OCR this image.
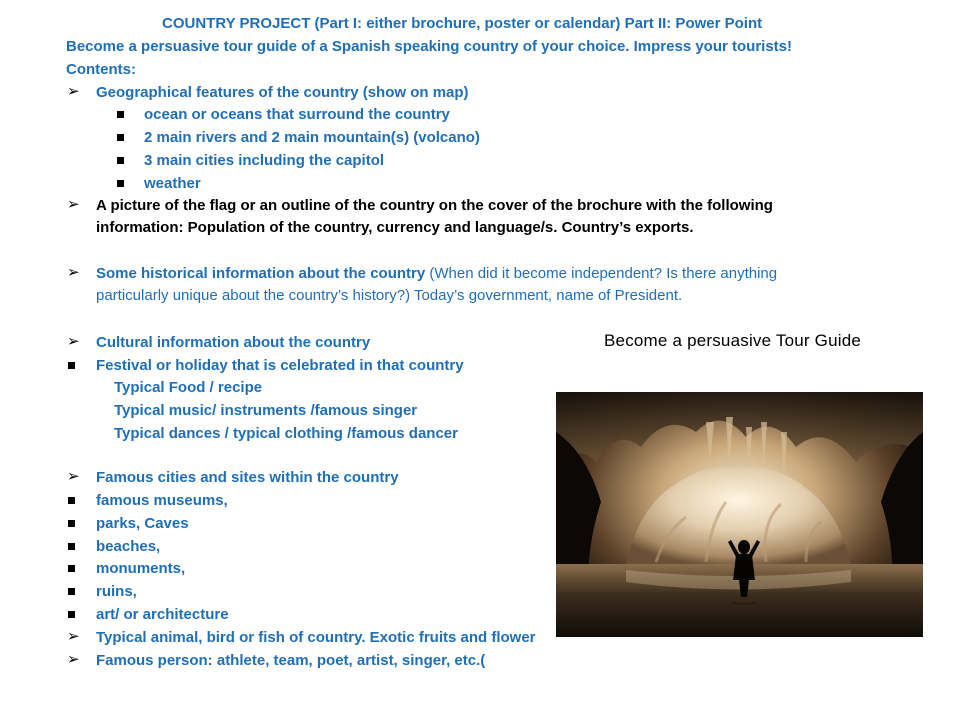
COUNTRY PROJECT (Part I: either brochure, poster or calendar) Part II: Power Point
Become a persuasive tour guide of a Spanish speaking country of your choice. Impress your tourists!
Contents:
➢ Geographical features of the country (show on map)
ocean or oceans that surround the country
2 main rivers and 2 main mountain(s) (volcano)
3 main cities including the capitol
weather
➢ A picture of the flag or an outline of the country on the cover of the brochure with the following
information: Population of the country, currency and language/s. Country’s exports.
➢ Some historical information about the country (When did it become independent? Is there anything
particularly unique about the country’s history?) Today’s government, name of President.
➢ Cultural information about the country	Become a persuasive Tour Guide
Festival or holiday that is celebrated in that country
Typical Food / recipe
Typical music/ instruments /famous singer
Typical dances / typical clothing /famous dancer
➢ Famous cities and sites within the country
famous museums,
parks, Caves
beaches,
monuments,
ruins,
art/ or architecture
➢ Typical animal, bird or fish of country. Exotic fruits and flower
➢ Famous person: athlete, team, poet, artist, singer, etc.(
